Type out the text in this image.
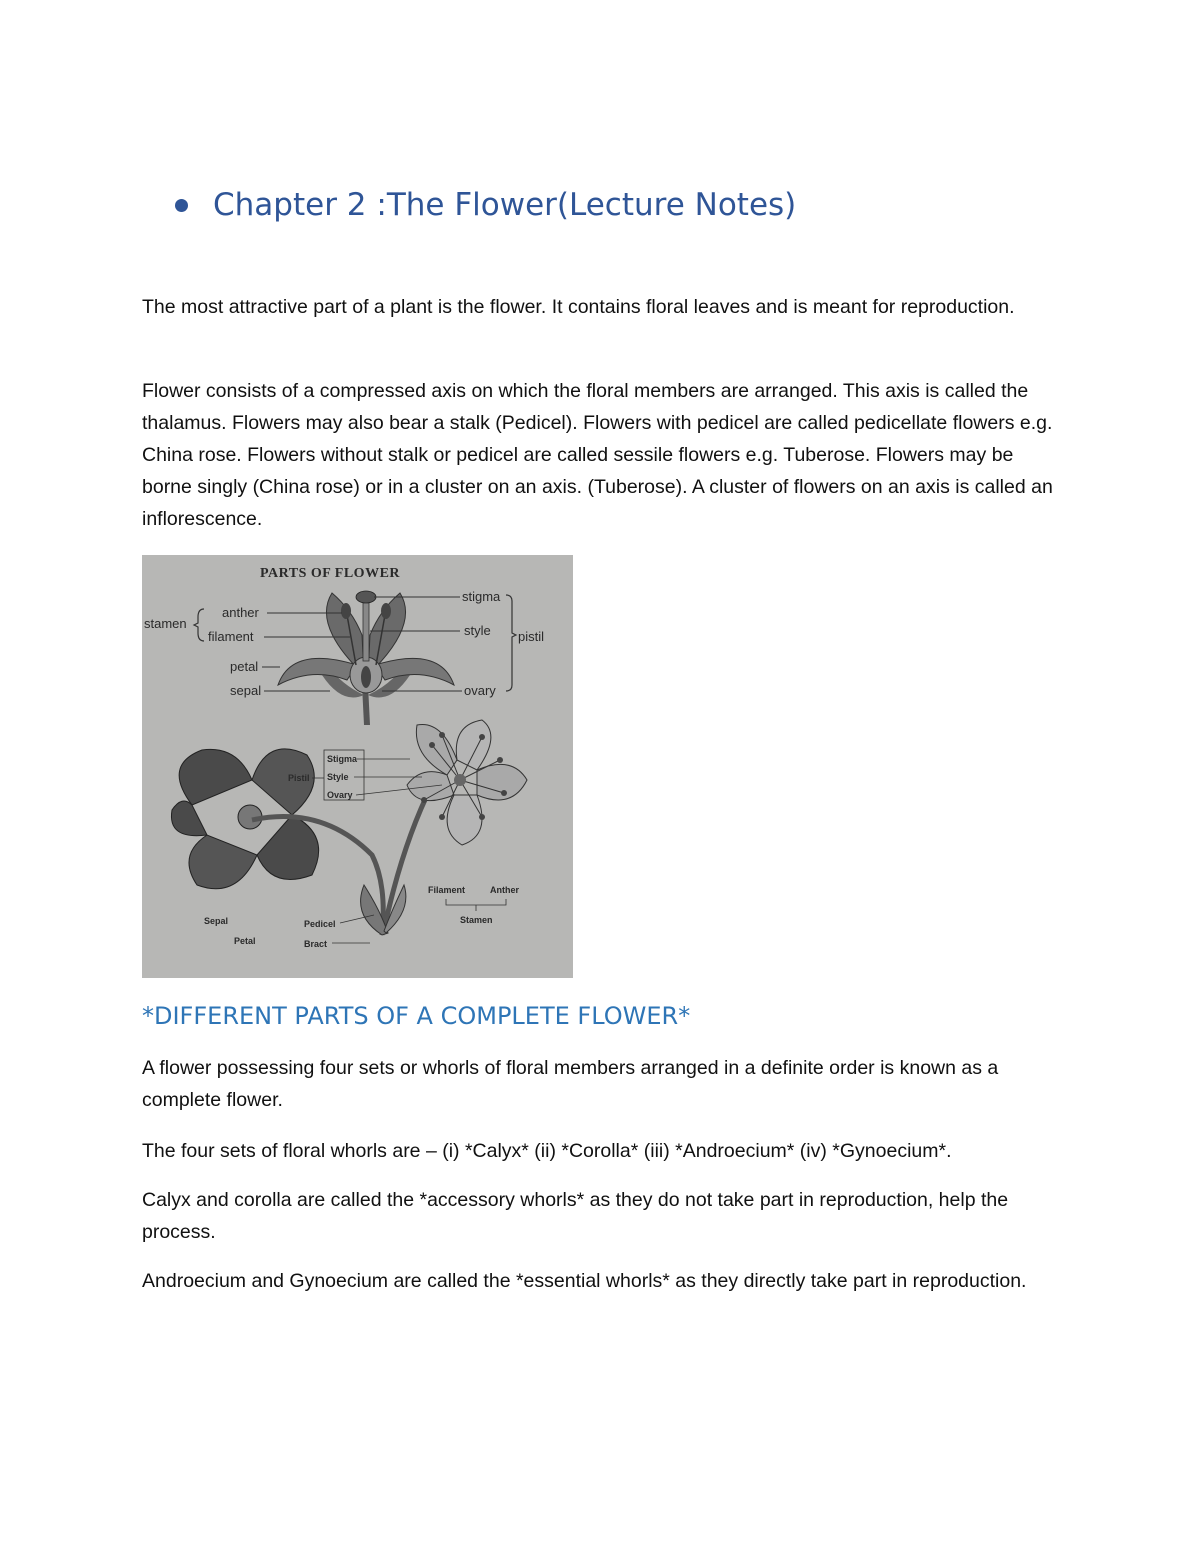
Chapter 2 :The Flower(Lecture Notes)

The most attractive part of a plant is the flower. It contains floral leaves and is meant for reproduction.

Flower consists of a compressed axis on which the floral members are arranged. This axis is called the thalamus. Flowers may also bear a stalk (Pedicel). Flowers with pedicel are called pedicellate flowers e.g. China rose. Flowers without stalk or pedicel are called sessile flowers e.g. Tuberose. Flowers may be borne singly (China rose) or in a cluster on an axis. (Tuberose). A cluster of flowers on an axis is called an inflorescence.

PARTS OF FLOWER
stamen
anther
filament
petal
sepal
stigma
style
ovary
pistil
Stigma
Style
Ovary
Pistil
Filament	Anther
Stamen
Sepal
Petal
Pedicel
Bract
*DIFFERENT PARTS OF A COMPLETE FLOWER*

A flower possessing four sets or whorls of floral members arranged in a definite order is known as a complete flower.

The four sets of floral whorls are – (i) *Calyx* (ii) *Corolla* (iii) *Androecium* (iv) *Gynoecium*.

Calyx and corolla are called the *accessory whorls* as they do not take part in reproduction, help the process.

Androecium and Gynoecium are called the *essential whorls* as they directly take part in reproduction.
